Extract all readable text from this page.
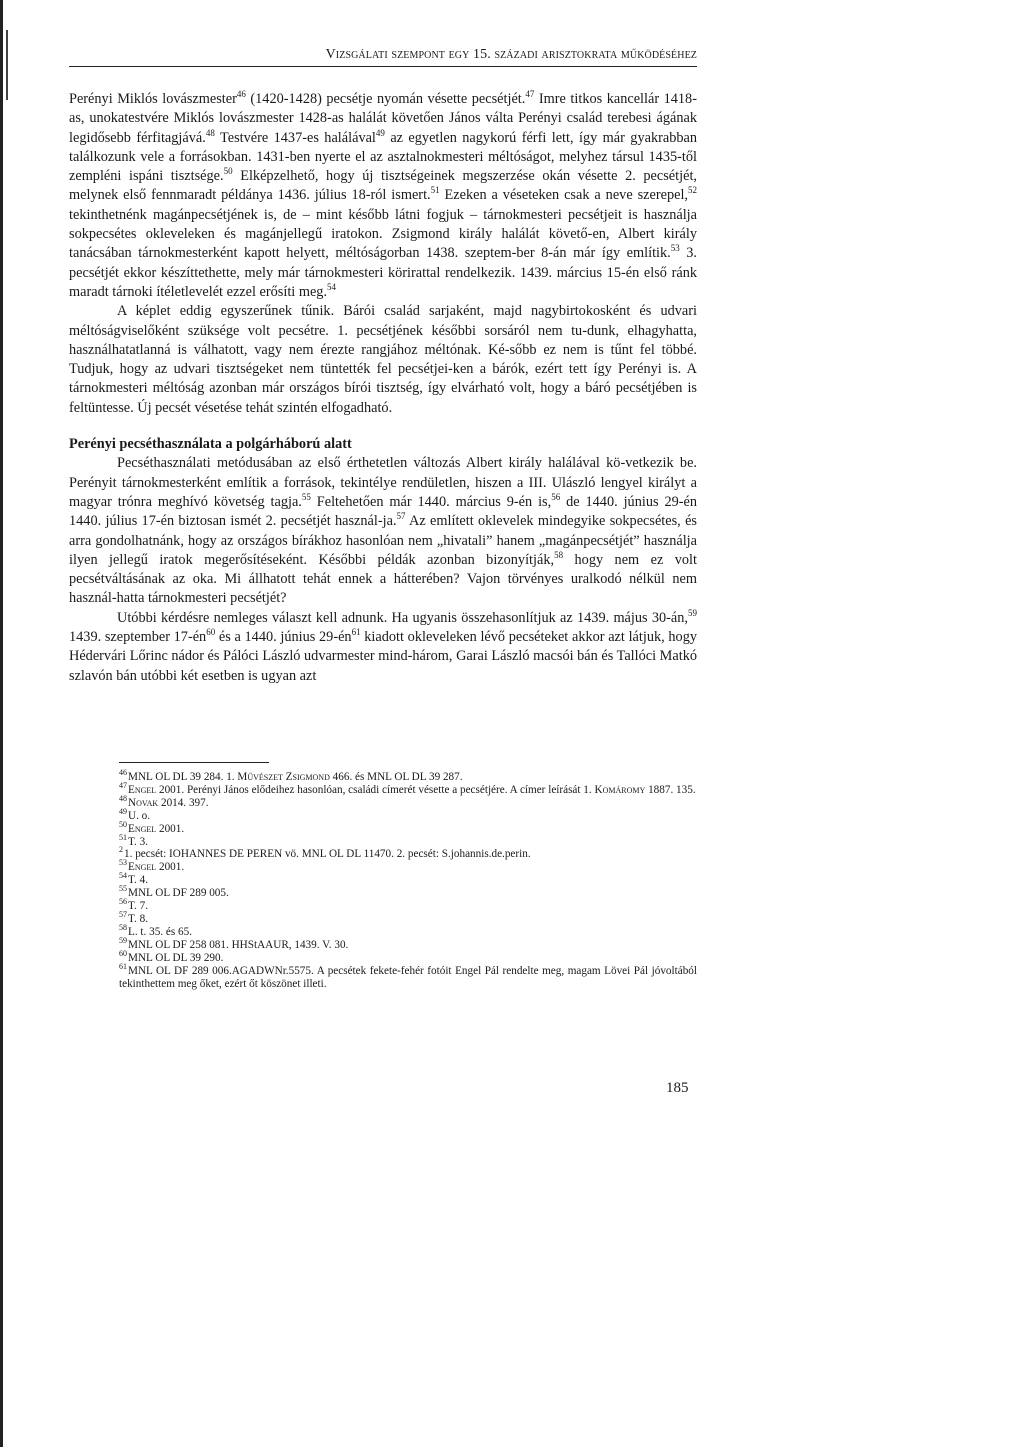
Vizsgálati szempont egy 15. századi arisztokrata működéséhez

Perényi Miklós lovászmester$^{46}$ (1420-1428) pecsétje nyomán vésette pecsétjét.$^{47}$ Imre titkos kancellár 1418-as, unokatestvére Miklós lovászmester 1428-as halálát követően János válta Perényi család terebesi ágának legidősebb férfitagjává.$^{48}$ Testvére 1437-es halálával$^{49}$ az egyetlen nagykorú férfi lett, így már gyakrabban találkozunk vele a forrásokban. 1431-ben nyerte el az asztalnokmesteri méltóságot, melyhez társul 1435-től zempléni ispáni tisztsége.$^{50}$ Elképzelhető, hogy új tisztségeinek megszerzése okán vésette 2. pecsétjét, melynek első fennmaradt példánya 1436. július 18-ról ismert.$^{51}$ Ezeken a véseteken csak a neve szerepel,$^{52}$ tekinthetnénk magánpecsétjének is, de – mint később látni fogjuk – tárnokmesteri pecsétjeit is használja sokpecsétes okleveleken és magánjellegű iratokon. Zsigmond király halálát követő-en, Albert király tanácsában tárnokmesterként kapott helyett, méltóságorban 1438. szeptem-ber 8-án már így említik.$^{53}$ 3. pecsétjét ekkor készíttethette, mely már tárnokmesteri körirattal rendelkezik. 1439. március 15-én első ránk maradt tárnoki ítéletlevelét ezzel erősíti meg.$^{54}$

A képlet eddig egyszerűnek tűnik. Bárói család sarjaként, majd nagybirtokosként és udvari méltóságviselőként szüksége volt pecsétre. 1. pecsétjének későbbi sorsáról nem tu-dunk, elhagyhatta, használhatatlanná is válhatott, vagy nem érezte rangjához méltónak. Ké-sőbb ez nem is tűnt fel többé. Tudjuk, hogy az udvari tisztségeket nem tüntették fel pecsétjei-ken a bárók, ezért tett így Perényi is. A tárnokmesteri méltóság azonban már országos bírói tisztség, így elvárható volt, hogy a báró pecsétjében is feltüntesse. Új pecsét vésetése tehát szintén elfogadható.

Perényi pecséthasználata a polgárháború alatt

Pecséthasználati metódusában az első érthetetlen változás Albert király halálával kö-vetkezik be. Perényit tárnokmesterként említik a források, tekintélye rendületlen, hiszen a III. Ulászló lengyel királyt a magyar trónra meghívó követség tagja.$^{55}$ Feltehetően már 1440. március 9-én is,$^{56}$ de 1440. június 29-én 1440. július 17-én biztosan ismét 2. pecsétjét használ-ja.$^{57}$ Az említett oklevelek mindegyike sokpecsétes, és arra gondolhatnánk, hogy az országos bírákhoz hasonlóan nem „hivatali” hanem „magánpecsétjét” használja ilyen jellegű iratok megerősítéseként. Későbbi példák azonban bizonyítják,$^{58}$ hogy nem ez volt pecsétváltásának az oka. Mi állhatott tehát ennek a hátterében? Vajon törvényes uralkodó nélkül nem használ-hatta tárnokmesteri pecsétjét?

Utóbbi kérdésre nemleges választ kell adnunk. Ha ugyanis összehasonlítjuk az 1439. május 30-án,$^{59}$ 1439. szeptember $17-én^{60}$ és a 1440. június $29-én^{61}$ kiadott okleveleken lévő pecséteket akkor azt látjuk, hogy Hédervári Lőrinc nádor és Pálóci László udvarmester mind-három, Garai László macsói bán és Tallóci Matkó szlavón bán utóbbi két esetben is ugyan azt

$^{46}$MNL OL DL 39 284. 1. Művészet Zsigmond 466. és MNL OL DL 39 287.

$^{47}$Engel 2001. Perényi János elődeihez hasonlóan, családi címerét vésette a pecsétjére. A címer leírását 1. Komáromy 1887. 135.

$^{48}$Novak 2014. 397.

$^{49}$U. o.

$^{50}$Engel 2001.

$^{51}$T. 3.

$^2$1. pecsét: IOHANNES DE PEREN vö. MNL OL DL 11470. 2. pecsét: S.johannis.de.perin.

$^{53}$Engel 2001.

$^{54}$T. 4.

$^{55}$MNL OL DF 289 005.

$^{56}$T. 7.

$^{57}$T. 8.

$^{58}$L. t. 35. és 65.

$^{59}$MNL OL DF 258 081. HHStAAUR, 1439. V. 30.

$^{60}$MNL OL DL 39 290.

$^{61}$MNL OL DF 289 006.AGADWNr.5575. A pecsétek fekete-fehér fotóit Engel Pál rendelte meg, magam Lövei Pál jóvoltából tekinthettem meg őket, ezért őt köszönet illeti.

185
